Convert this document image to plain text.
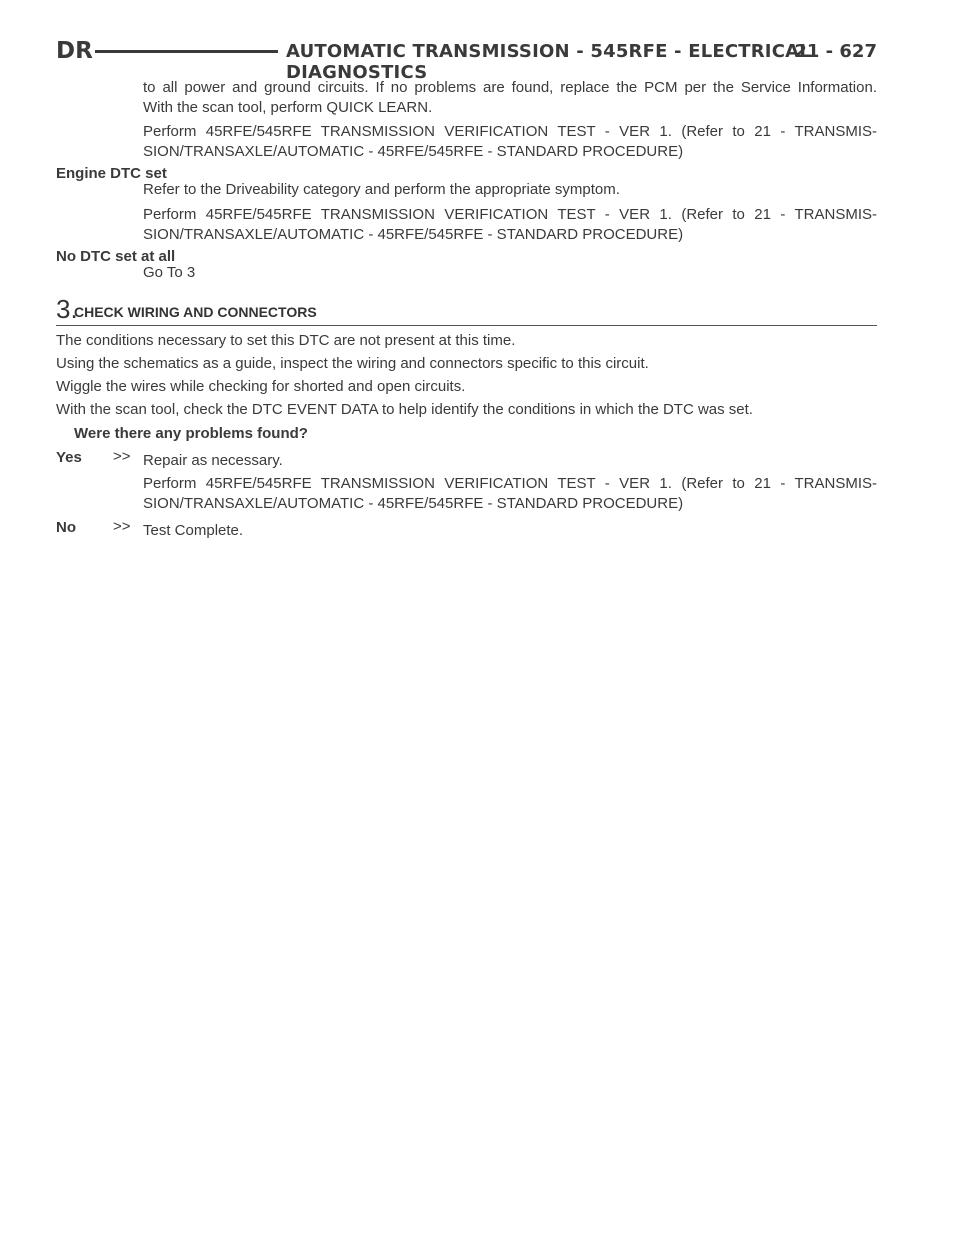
DR	AUTOMATIC TRANSMISSION - 545RFE - ELECTRICAL DIAGNOSTICS
21 - 627
to all power and ground circuits. If no problems are found, replace the PCM per the Service Information.
With the scan tool, perform QUICK LEARN.
Perform 45RFE/545RFE TRANSMISSION VERIFICATION TEST - VER 1. (Refer to 21 - TRANSMIS-
SION/TRANSAXLE/AUTOMATIC - 45RFE/545RFE - STANDARD PROCEDURE)
Engine DTC set
Refer to the Driveability category and perform the appropriate symptom.
Perform 45RFE/545RFE TRANSMISSION VERIFICATION TEST - VER 1. (Refer to 21 - TRANSMIS-
SION/TRANSAXLE/AUTOMATIC - 45RFE/545RFE - STANDARD PROCEDURE)
No DTC set at all
Go To 3
3.
CHECK WIRING AND CONNECTORS
The conditions necessary to set this DTC are not present at this time.
Using the schematics as a guide, inspect the wiring and connectors specific to this circuit.
Wiggle the wires while checking for shorted and open circuits.
With the scan tool, check the DTC EVENT DATA to help identify the conditions in which the DTC was set.
Were there any problems found?
Yes >> Repair as necessary.
Perform 45RFE/545RFE TRANSMISSION VERIFICATION TEST - VER 1. (Refer to 21 - TRANSMIS-
SION/TRANSAXLE/AUTOMATIC - 45RFE/545RFE - STANDARD PROCEDURE)
No >> Test Complete.
